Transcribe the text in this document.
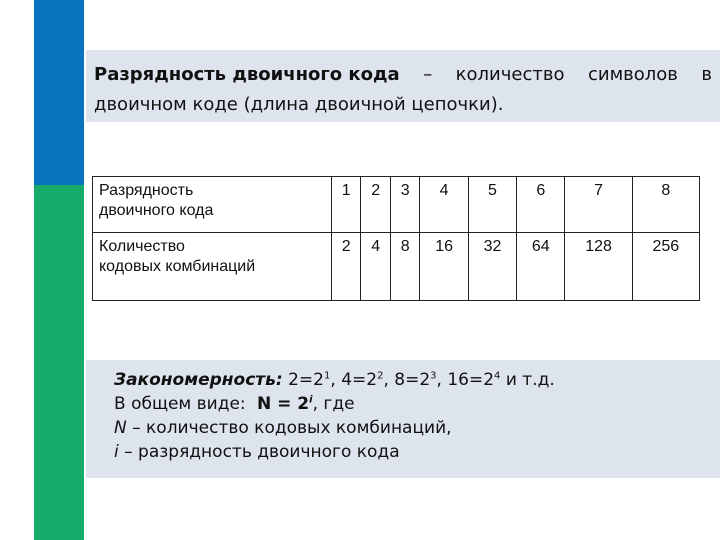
Разрядность двоичного кода – количество символов в
двоичном коде (длина двоичной цепочки).
Разрядность
двоичного кода	1	2	3	4	5	6	7	8
Количество
кодовых комбинаций	2	4	8	16	32	64	128	256
Закономерность: $2=2^1$, $4=2^2$, $8=2^3$, $16=2^4$ и т.д.
В общем виде: $N = 2^i$, где
N – количество кодовых комбинаций,
i – разрядность двоичного кода
